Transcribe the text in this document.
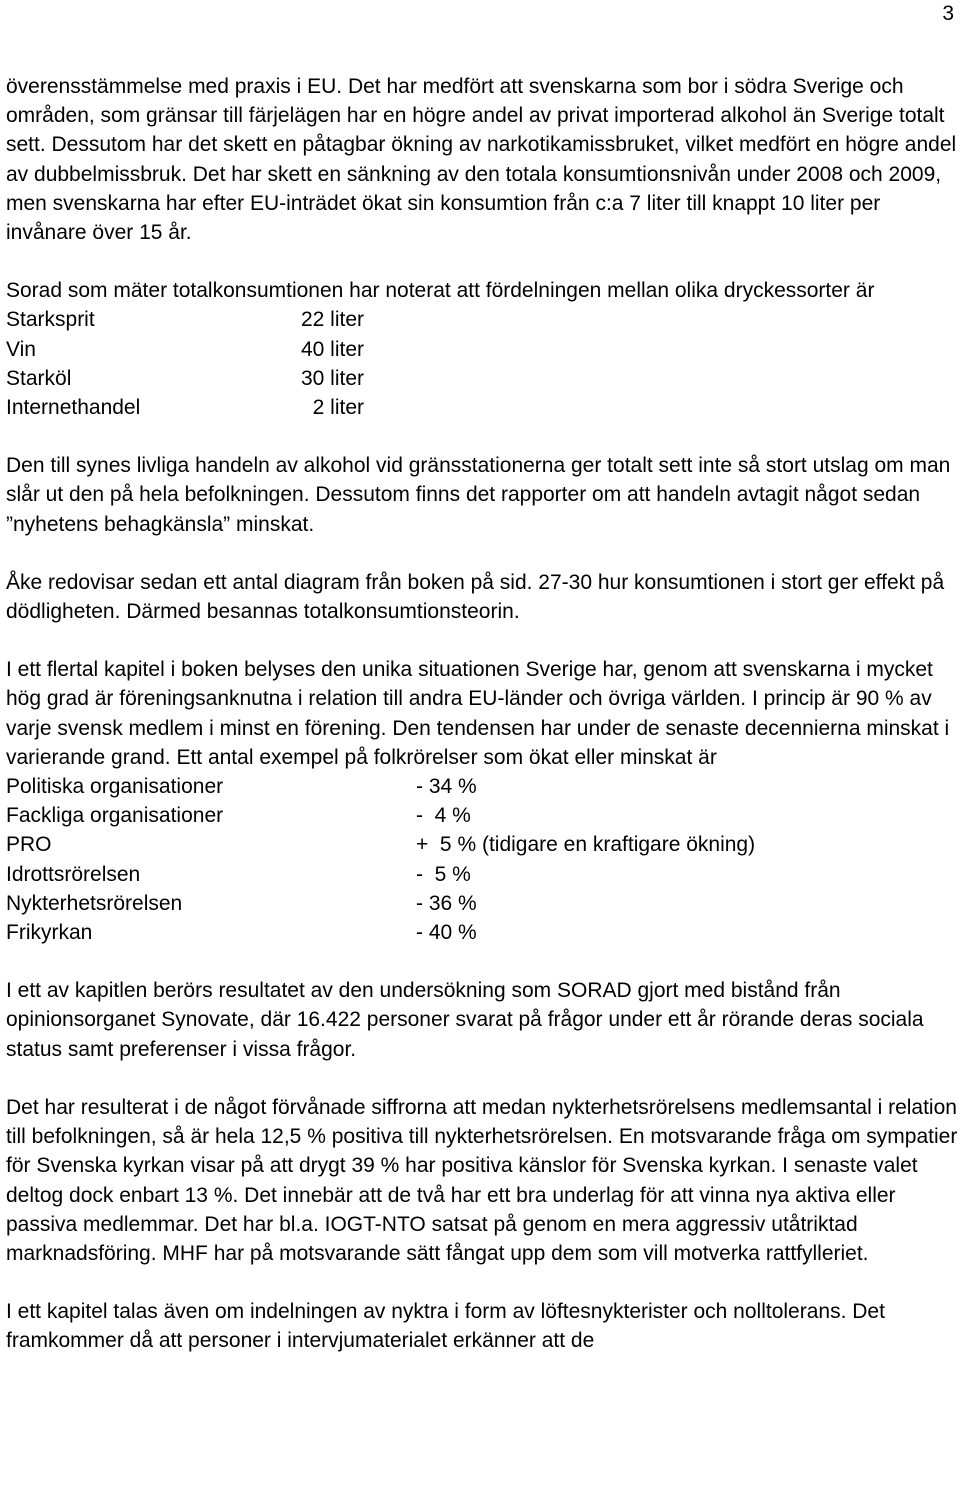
3

överensstämmelse med praxis i EU. Det har medfört att svenskarna som bor i södra Sverige och områden, som gränsar till färjelägen har en högre andel av privat importerad alkohol än Sverige totalt sett. Dessutom har det skett en påtagbar ökning av narkotikamissbruket, vilket medfört en högre andel av dubbelmissbruk. Det har skett en sänkning av den totala konsumtionsnivån under 2008 och 2009, men svenskarna har efter EU-inträdet ökat sin konsumtion från c:a 7 liter till knappt 10 liter per invånare över 15 år.

Sorad som mäter totalkonsumtionen har noterat att fördelningen mellan olika dryckessorter är

Starksprit	22 liter
Vin	40 liter
Starköl	30 liter
Internethandel	2 liter

Den till synes livliga handeln av alkohol vid gränsstationerna ger totalt sett inte så stort utslag om man slår ut den på hela befolkningen. Dessutom finns det rapporter om att handeln avtagit något sedan ”nyhetens behagkänsla” minskat.

Åke redovisar sedan ett antal diagram från boken på sid. 27-30 hur konsumtionen i stort ger effekt på dödligheten. Därmed besannas totalkonsumtionsteorin.

I ett flertal kapitel i boken belyses den unika situationen Sverige har, genom att svenskarna i mycket hög grad är föreningsanknutna i relation till andra EU-länder och övriga världen. I princip är 90 % av varje svensk medlem i minst en förening. Den tendensen har under de senaste decennierna minskat i varierande grand. Ett antal exempel på folkrörelser som ökat eller minskat är

Politiska organisationer	- 34 %
Fackliga organisationer	-  4 %
PRO	+  5 % (tidigare en kraftigare ökning)
Idrottsrörelsen	-  5 %
Nykterhetsrörelsen	- 36 %
Frikyrkan	- 40 %

I ett av kapitlen berörs resultatet av den undersökning som SORAD gjort med bistånd från opinionsorganet Synovate, där 16.422 personer svarat på frågor under ett år rörande deras sociala status samt preferenser i vissa frågor.

Det har resulterat i de något förvånade siffrorna att medan nykterhetsrörelsens medlemsantal i relation till befolkningen, så är hela 12,5 % positiva till nykterhetsrörelsen. En motsvarande fråga om sympatier för Svenska kyrkan visar på att drygt 39 % har positiva känslor för Svenska kyrkan. I senaste valet deltog dock enbart 13 %. Det innebär att de två har ett bra underlag för att vinna nya aktiva eller passiva medlemmar. Det har bl.a. IOGT-NTO satsat på genom en mera aggressiv utåtriktad marknadsföring. MHF har på motsvarande sätt fångat upp dem som vill motverka rattfylleriet.

I ett kapitel talas även om indelningen av nyktra i form av löftesnykterister och nolltolerans. Det framkommer då att personer i intervjumaterialet erkänner att de
